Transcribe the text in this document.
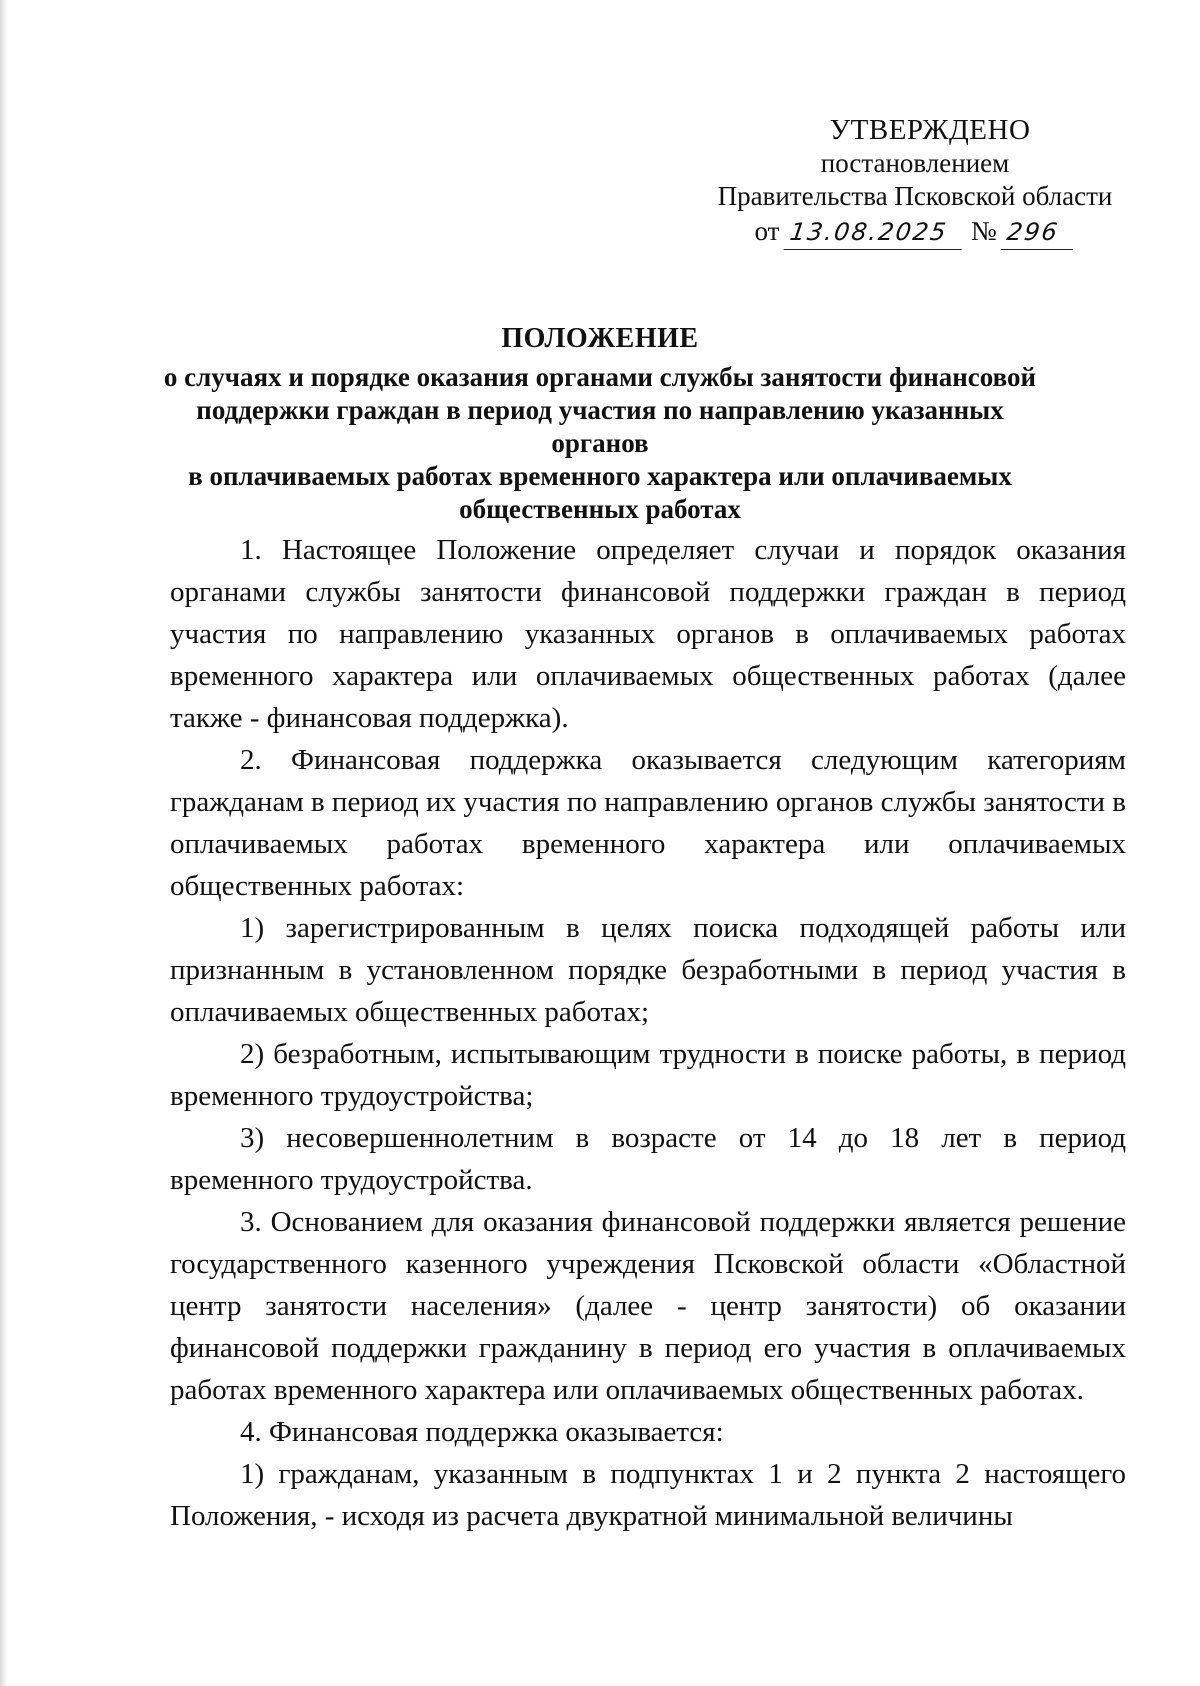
УТВЕРЖДЕНО
постановлением
Правительства Псковской области
от 13.08.2025 № 296
ПОЛОЖЕНИЕ
о случаях и порядке оказания органами службы занятости финансовой
поддержки граждан в период участия по направлению указанных органов
в оплачиваемых работах временного характера или оплачиваемых
общественных работах

1. Настоящее Положение определяет случаи и порядок оказания органами службы занятости финансовой поддержки граждан в период участия по направлению указанных органов в оплачиваемых работах временного характера или оплачиваемых общественных работах (далее также - финансовая поддержка).

2. Финансовая поддержка оказывается следующим категориям гражданам в период их участия по направлению органов службы занятости в оплачиваемых работах временного характера или оплачиваемых общественных работах:

1) зарегистрированным в целях поиска подходящей работы или признанным в установленном порядке безработными в период участия в оплачиваемых общественных работах;

2) безработным, испытывающим трудности в поиске работы, в период временного трудоустройства;

3) несовершеннолетним в возрасте от 14 до 18 лет в период временного трудоустройства.

3. Основанием для оказания финансовой поддержки является решение государственного казенного учреждения Псковской области «Областной центр занятости населения» (далее - центр занятости) об оказании финансовой поддержки гражданину в период его участия в оплачиваемых работах временного характера или оплачиваемых общественных работах.

4. Финансовая поддержка оказывается:

1) гражданам, указанным в подпунктах 1 и 2 пункта 2 настоящего Положения, - исходя из расчета двукратной минимальной величины
